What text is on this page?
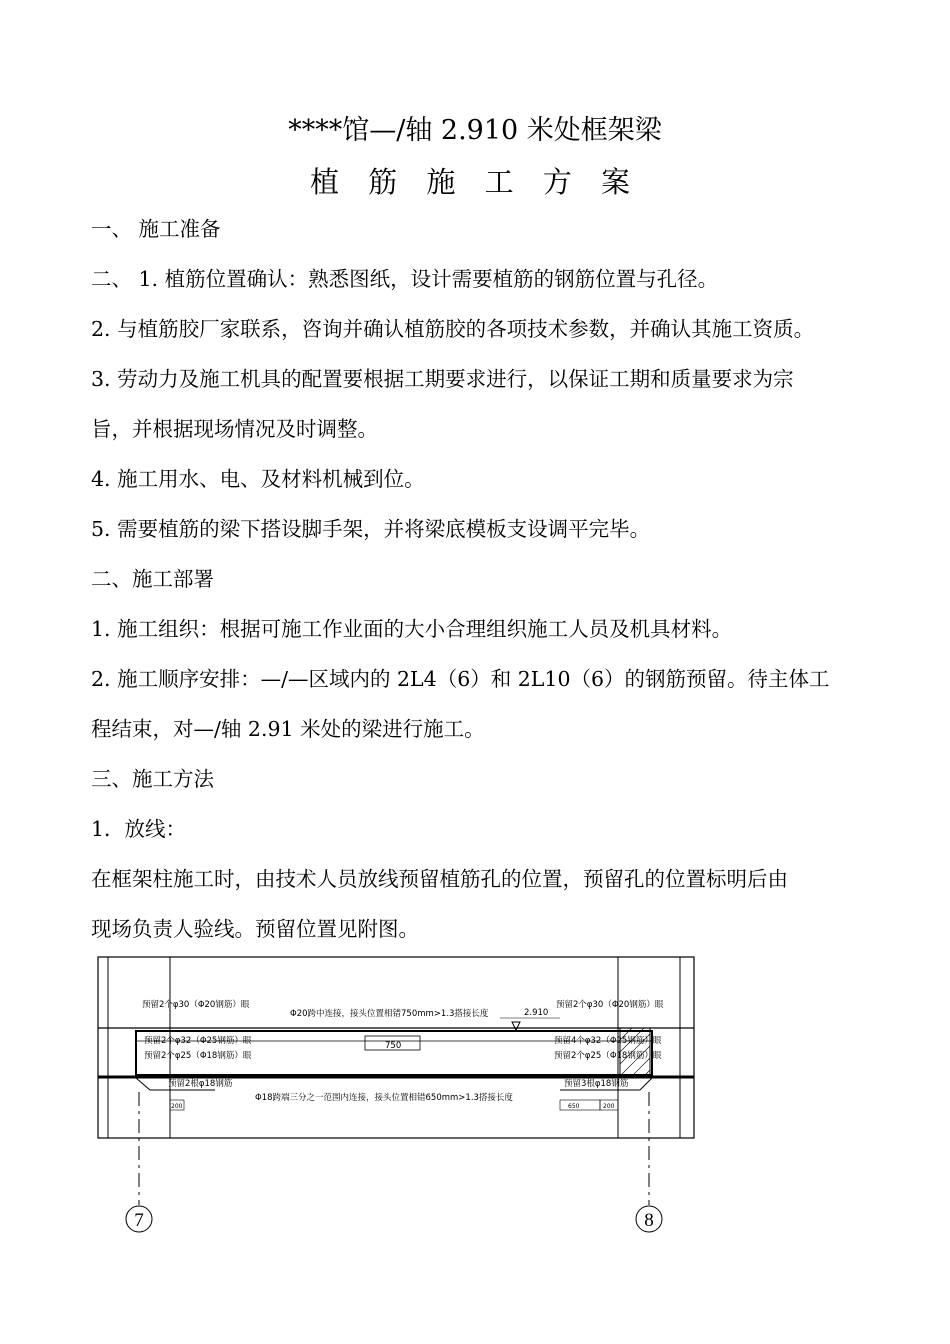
****馆—/轴 2.910 米处框架梁
植 筋 施 工 方 案
一、 施工准备
二、 1. 植筋位置确认：熟悉图纸，设计需要植筋的钢筋位置与孔径。
2. 与植筋胶厂家联系，咨询并确认植筋胶的各项技术参数，并确认其施工资质。
3. 劳动力及施工机具的配置要根据工期要求进行，以保证工期和质量要求为宗
旨，并根据现场情况及时调整。
4. 施工用水、电、及材料机械到位。
5. 需要植筋的梁下搭设脚手架，并将梁底模板支设调平完毕。
二、施工部署
1. 施工组织：根据可施工作业面的大小合理组织施工人员及机具材料。
2. 施工顺序安排：—/—区域内的 2L4（6）和 2L10（6）的钢筋预留。待主体工
程结束，对—/轴 2.91 米处的梁进行施工。
三、施工方法
1．放线：
在框架柱施工时，由技术人员放线预留植筋孔的位置，预留孔的位置标明后由
现场负责人验线。预留位置见附图。
750
预留2个φ30（Φ20钢筋）眼	预留2个φ30（Φ20钢筋）眼
Φ20跨中连接，接头位置相错750mm>1.3搭接长度	2.910
预留2个φ32（Φ25钢筋）眼
预留2个φ25（Φ18钢筋）眼
预留4个φ32（Φ25钢筋）眼
预留2个φ25（Φ18钢筋）眼
预留2根φ18钢筋	预留3根φ18钢筋
Φ18跨端三分之一范围内连接，接头位置相错650mm>1.3搭接长度
200	650	200
7	8
